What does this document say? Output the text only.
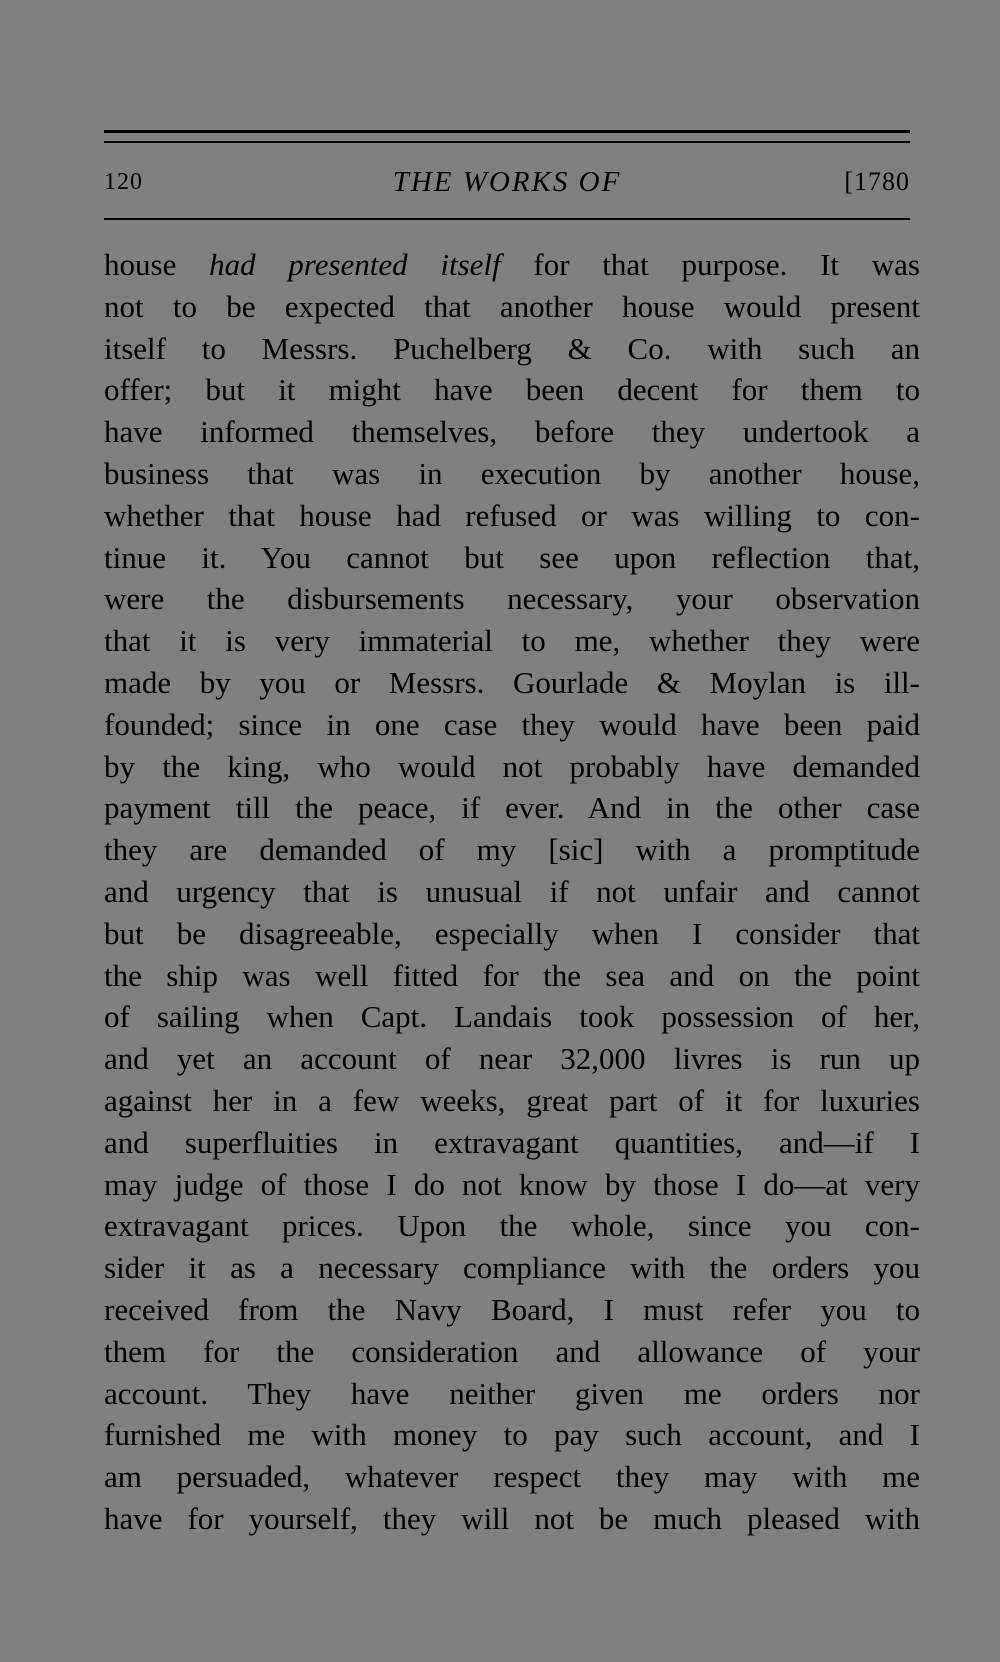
120	THE WORKS OF	[1780
house had presented itself for that purpose. It was
not to be expected that another house would present
itself to Messrs. Puchelberg & Co. with such an
offer; but it might have been decent for them to
have informed themselves, before they undertook a
business that was in execution by another house,
whether that house had refused or was willing to con-
tinue it. You cannot but see upon reflection that,
were the disbursements necessary, your observation
that it is very immaterial to me, whether they were
made by you or Messrs. Gourlade & Moylan is ill-
founded; since in one case they would have been paid
by the king, who would not probably have demanded
payment till the peace, if ever. And in the other case
they are demanded of my [sic] with a promptitude
and urgency that is unusual if not unfair and cannot
but be disagreeable, especially when I consider that
the ship was well fitted for the sea and on the point
of sailing when Capt. Landais took possession of her,
and yet an account of near 32,000 livres is run up
against her in a few weeks, great part of it for luxuries
and superfluities in extravagant quantities, and—if I
may judge of those I do not know by those I do—at very
extravagant prices. Upon the whole, since you con-
sider it as a necessary compliance with the orders you
received from the Navy Board, I must refer you to
them for the consideration and allowance of your
account. They have neither given me orders nor
furnished me with money to pay such account, and I
am persuaded, whatever respect they may with me
have for yourself, they will not be much pleased with
